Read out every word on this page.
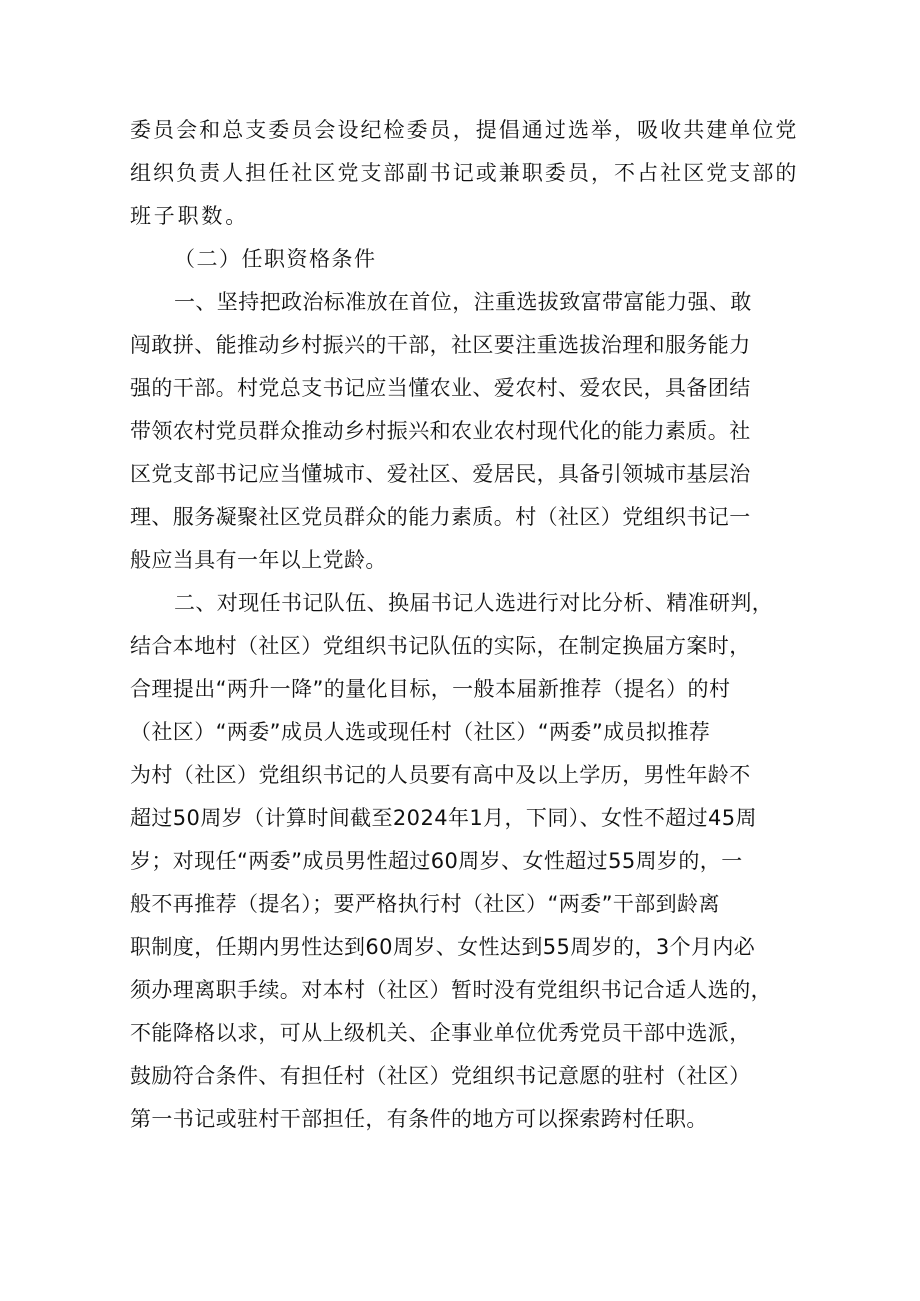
委员会和总支委员会设纪检委员，提倡通过选举，吸收共建单位党
组织负责人担任社区党支部副书记或兼职委员，不占社区党支部的
班子职数。
（二）任职资格条件
一、坚持把政治标准放在首位，注重选拔致富带富能力强、敢
闯敢拼、能推动乡村振兴的干部，社区要注重选拔治理和服务能力
强的干部。村党总支书记应当懂农业、爱农村、爱农民，具备团结
带领农村党员群众推动乡村振兴和农业农村现代化的能力素质。社
区党支部书记应当懂城市、爱社区、爱居民，具备引领城市基层治
理、服务凝聚社区党员群众的能力素质。村（社区）党组织书记一
般应当具有一年以上党龄。
二、对现任书记队伍、换届书记人选进行对比分析、精准研判，
结合本地村（社区）党组织书记队伍的实际，在制定换届方案时，
合理提出“两升一降”的量化目标，一般本届新推荐（提名）的村
（社区）“两委”成员人选或现任村（社区）“两委”成员拟推荐
为村（社区）党组织书记的人员要有高中及以上学历，男性年龄不
超过50周岁（计算时间截至2024年1月，下同）、女性不超过45周
岁；对现任“两委”成员男性超过60周岁、女性超过55周岁的，一
般不再推荐（提名）；要严格执行村（社区）“两委”干部到龄离
职制度，任期内男性达到60周岁、女性达到55周岁的，3个月内必
须办理离职手续。对本村（社区）暂时没有党组织书记合适人选的，
不能降格以求，可从上级机关、企事业单位优秀党员干部中选派，
鼓励符合条件、有担任村（社区）党组织书记意愿的驻村（社区）
第一书记或驻村干部担任，有条件的地方可以探索跨村任职。
